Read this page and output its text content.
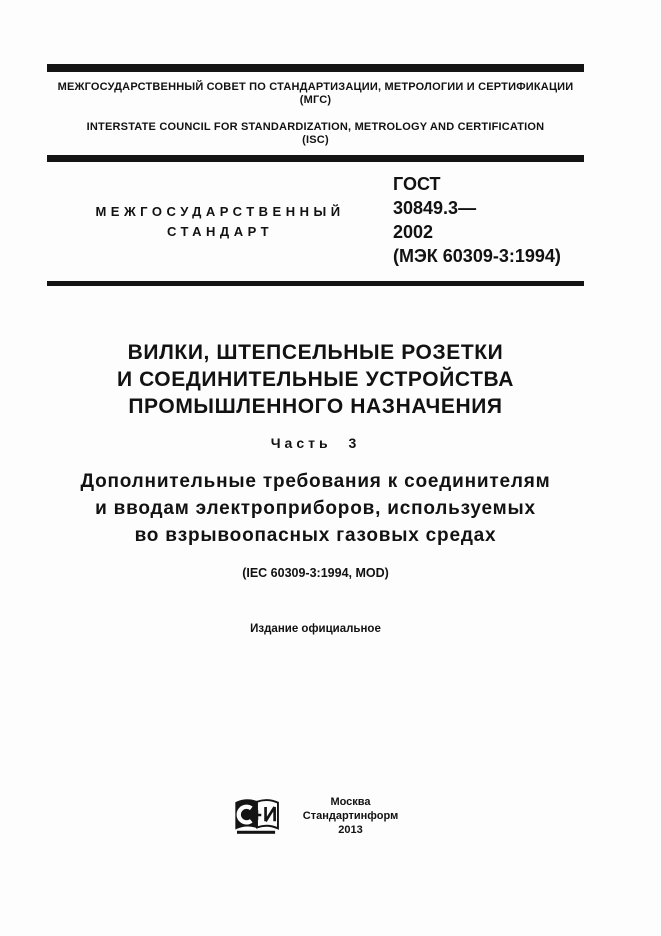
МЕЖГОСУДАРСТВЕННЫЙ СОВЕТ ПО СТАНДАРТИЗАЦИИ, МЕТРОЛОГИИ И СЕРТИФИКАЦИИ
(МГС)
INTERSTATE COUNCIL FOR STANDARDIZATION, METROLOGY AND CERTIFICATION
(ISC)
МЕЖГОСУДАРСТВЕННЫЙ
СТАНДАРТ
ГОСТ
30849.3—
2002
(МЭК 60309-3:1994)
ВИЛКИ, ШТЕПСЕЛЬНЫЕ РОЗЕТКИ
И СОЕДИНИТЕЛЬНЫЕ УСТРОЙСТВА
ПРОМЫШЛЕННОГО НАЗНАЧЕНИЯ
Часть 3
Дополнительные требования к соединителям
и вводам электроприборов, используемых
во взрывоопасных газовых средах
(IEC 60309-3:1994, MOD)
Издание официальное
Москва
Стандартинформ
2013
